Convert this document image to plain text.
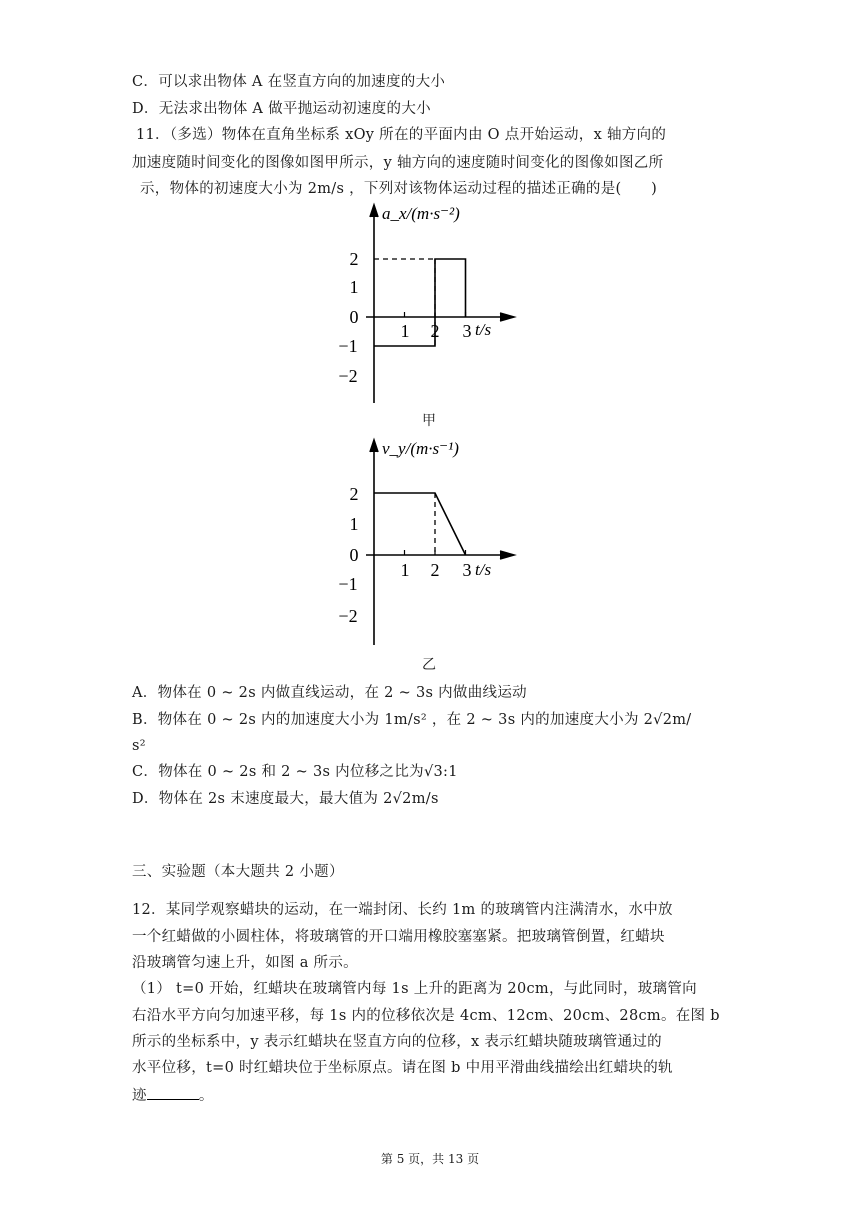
C．可以求出物体 A 在竖直方向的加速度的大小
D．无法求出物体 A 做平抛运动初速度的大小
11．（多选）物体在直角坐标系 xOy 所在的平面内由 O 点开始运动，x 轴方向的
加速度随时间变化的图像如图甲所示，y 轴方向的速度随时间变化的图像如图乙所
示，物体的初速度大小为 2m/s ，下列对该物体运动过程的描述正确的是(　　)
a_x/(m·s⁻²)
t/s
2
1
0
−1
−2
1 2 3
甲
v_y/(m·s⁻¹)
t/s
2
1
0
−1
−2
1 2 3
乙
A．物体在 0 ~ 2s 内做直线运动，在 2 ~ 3s 内做曲线运动
B．物体在 0 ~ 2s 内的加速度大小为 1m/s² ，在 2 ~ 3s 内的加速度大小为 2√2m/
s²
C．物体在 0 ~ 2s 和 2 ~ 3s 内位移之比为√3:1
D．物体在 2s 末速度最大，最大值为 2√2m/s
三、实验题（本大题共 2 小题）
12．某同学观察蜡块的运动，在一端封闭、长约 1m 的玻璃管内注满清水，水中放
一个红蜡做的小圆柱体，将玻璃管的开口端用橡胶塞塞紧。把玻璃管倒置，红蜡块
沿玻璃管匀速上升，如图 a 所示。
（1） t=0 开始，红蜡块在玻璃管内每 1s 上升的距离为 20cm，与此同时，玻璃管向
右沿水平方向匀加速平移，每 1s 内的位移依次是 4cm、12cm、20cm、28cm。在图 b
所示的坐标系中，y 表示红蜡块在竖直方向的位移，x 表示红蜡块随玻璃管通过的
水平位移，t=0 时红蜡块位于坐标原点。请在图 b 中用平滑曲线描绘出红蜡块的轨
迹	。
第 5 页，共 13 页
